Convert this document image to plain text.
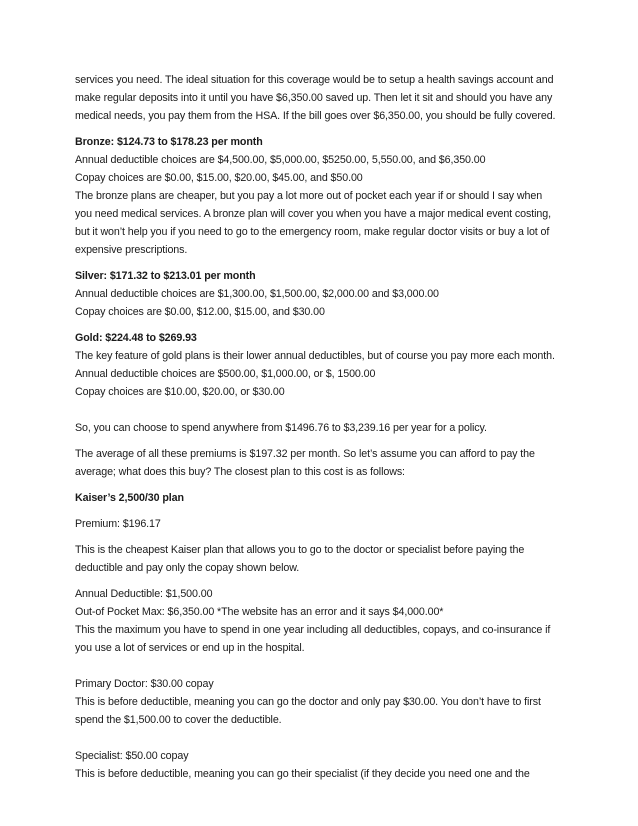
services you need. The ideal situation for this coverage would be to setup a health savings account and
make regular deposits into it until you have $6,350.00 saved up. Then let it sit and should you have any
medical needs, you pay them from the HSA. If the bill goes over $6,350.00, you should be fully covered.

Bronze: $124.73 to $178.23 per month
Annual deductible choices are $4,500.00, $5,000.00, $5250.00, 5,550.00, and $6,350.00
Copay choices are $0.00, $15.00, $20.00, $45.00, and $50.00
The bronze plans are cheaper, but you pay a lot more out of pocket each year if or should I say when
you need medical services. A bronze plan will cover you when you have a major medical event costing,
but it won’t help you if you need to go to the emergency room, make regular doctor visits or buy a lot of
expensive prescriptions.

Silver: $171.32 to $213.01 per month
Annual deductible choices are $1,300.00, $1,500.00, $2,000.00 and $3,000.00
Copay choices are $0.00, $12.00, $15.00, and $30.00

Gold: $224.48 to $269.93
The key feature of gold plans is their lower annual deductibles, but of course you pay more each month.
Annual deductible choices are $500.00, $1,000.00, or $, 1500.00
Copay choices are $10.00, $20.00, or $30.00

So, you can choose to spend anywhere from $1496.76 to $3,239.16 per year for a policy.

The average of all these premiums is $197.32 per month. So let’s assume you can afford to pay the
average; what does this buy? The closest plan to this cost is as follows:

Kaiser’s 2,500/30 plan

Premium: $196.17

This is the cheapest Kaiser plan that allows you to go to the doctor or specialist before paying the
deductible and pay only the copay shown below.

Annual Deductible: $1,500.00
Out-of Pocket Max: $6,350.00 *The website has an error and it says $4,000.00*
This the maximum you have to spend in one year including all deductibles, copays, and co-insurance if
you use a lot of services or end up in the hospital.

Primary Doctor: $30.00 copay
This is before deductible, meaning you can go the doctor and only pay $30.00. You don’t have to first
spend the $1,500.00 to cover the deductible.

Specialist: $50.00 copay
This is before deductible, meaning you can go their specialist (if they decide you need one and the
